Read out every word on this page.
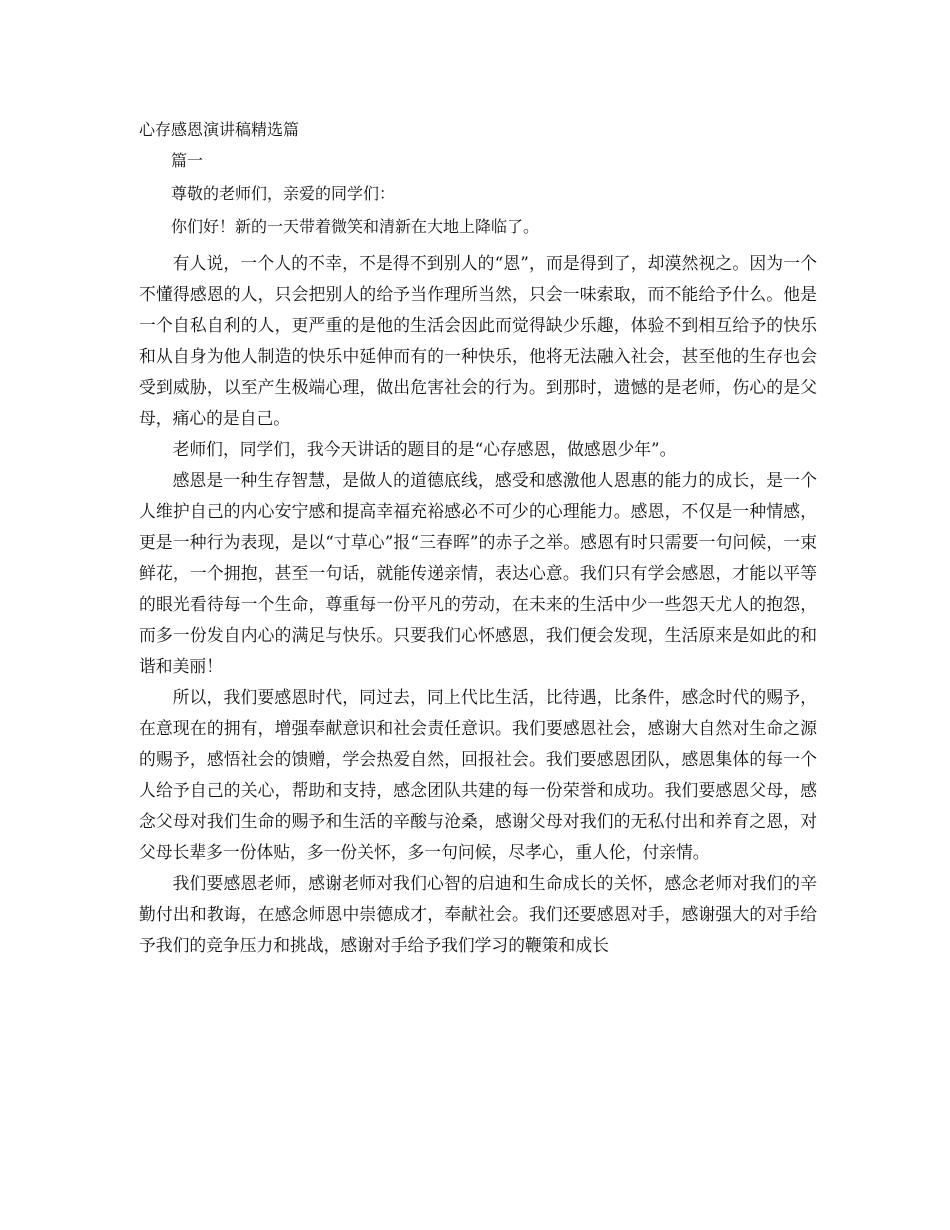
心存感恩演讲稿精选篇
篇一
尊敬的老师们，亲爱的同学们：
你们好！新的一天带着微笑和清新在大地上降临了。

有人说，一个人的不幸，不是得不到别人的“恩”，而是得到了，却漠然视之。因为一个不懂得感恩的人，只会把别人的给予当作理所当然，只会一味索取，而不能给予什么。他是一个自私自利的人，更严重的是他的生活会因此而觉得缺少乐趣，体验不到相互给予的快乐和从自身为他人制造的快乐中延伸而有的一种快乐，他将无法融入社会，甚至他的生存也会受到威胁，以至产生极端心理，做出危害社会的行为。到那时，遗憾的是老师，伤心的是父母，痛心的是自己。

老师们，同学们，我今天讲话的题目的是“心存感恩，做感恩少年”。

感恩是一种生存智慧，是做人的道德底线，感受和感激他人恩惠的能力的成长，是一个人维护自己的内心安宁感和提高幸福充裕感必不可少的心理能力。感恩，不仅是一种情感，更是一种行为表现，是以“寸草心”报“三春晖”的赤子之举。感恩有时只需要一句问候，一束鲜花，一个拥抱，甚至一句话，就能传递亲情，表达心意。我们只有学会感恩，才能以平等的眼光看待每一个生命，尊重每一份平凡的劳动，在未来的生活中少一些怨天尤人的抱怨，而多一份发自内心的满足与快乐。只要我们心怀感恩，我们便会发现，生活原来是如此的和谐和美丽！

所以，我们要感恩时代，同过去，同上代比生活，比待遇，比条件，感念时代的赐予，在意现在的拥有，增强奉献意识和社会责任意识。我们要感恩社会，感谢大自然对生命之源的赐予，感悟社会的馈赠，学会热爱自然，回报社会。我们要感恩团队，感恩集体的每一个人给予自己的关心，帮助和支持，感念团队共建的每一份荣誉和成功。我们要感恩父母，感念父母对我们生命的赐予和生活的辛酸与沧桑，感谢父母对我们的无私付出和养育之恩，对父母长辈多一份体贴，多一份关怀，多一句问候，尽孝心，重人伦，付亲情。

我们要感恩老师，感谢老师对我们心智的启迪和生命成长的关怀，感念老师对我们的辛勤付出和教诲，在感念师恩中崇德成才，奉献社会。我们还要感恩对手，感谢强大的对手给予我们的竞争压力和挑战，感谢对手给予我们学习的鞭策和成长
